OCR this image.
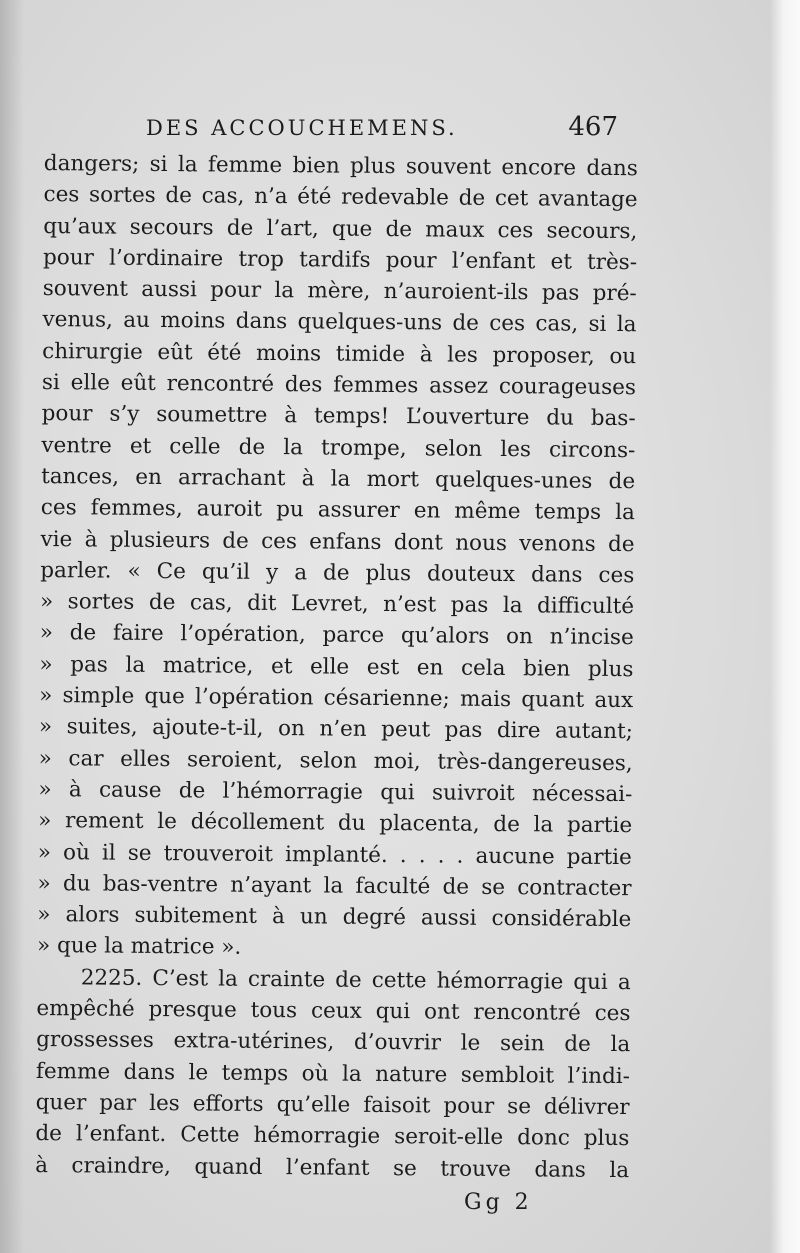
DES ACCOUCHEMENS.	467
dangers; si la femme bien plus souvent encore dans
ces sortes de cas, n’a été redevable de cet avantage
qu’aux secours de l’art, que de maux ces secours,
pour l’ordinaire trop tardifs pour l’enfant et très-
souvent aussi pour la mère, n’auroient-ils pas pré-
venus, au moins dans quelques-uns de ces cas, si la
chirurgie eût été moins timide à les proposer, ou
si elle eût rencontré des femmes assez courageuses
pour s’y soumettre à temps! L’ouverture du bas-
ventre et celle de la trompe, selon les circons-
tances, en arrachant à la mort quelques-unes de
ces femmes, auroit pu assurer en même temps la
vie à plusieurs de ces enfans dont nous venons de
parler. « Ce qu’il y a de plus douteux dans ces
» sortes de cas, dit Levret, n’est pas la difficulté
» de faire l’opération, parce qu’alors on n’incise
» pas la matrice, et elle est en cela bien plus
» simple que l’opération césarienne; mais quant aux
» suites, ajoute-t-il, on n’en peut pas dire autant;
» car elles seroient, selon moi, très-dangereuses,
» à cause de l’hémorragie qui suivroit nécessai-
» rement le décollement du placenta, de la partie
» où il se trouveroit implanté. . . . . aucune partie
» du bas-ventre n’ayant la faculté de se contracter
» alors subitement à un degré aussi considérable
» que la matrice ».
2225. C’est la crainte de cette hémorragie qui a
empêché presque tous ceux qui ont rencontré ces
grossesses extra-utérines, d’ouvrir le sein de la
femme dans le temps où la nature sembloit l’indi-
quer par les efforts qu’elle faisoit pour se délivrer
de l’enfant. Cette hémorragie seroit-elle donc plus
à craindre, quand l’enfant se trouve dans la
Gg 2
